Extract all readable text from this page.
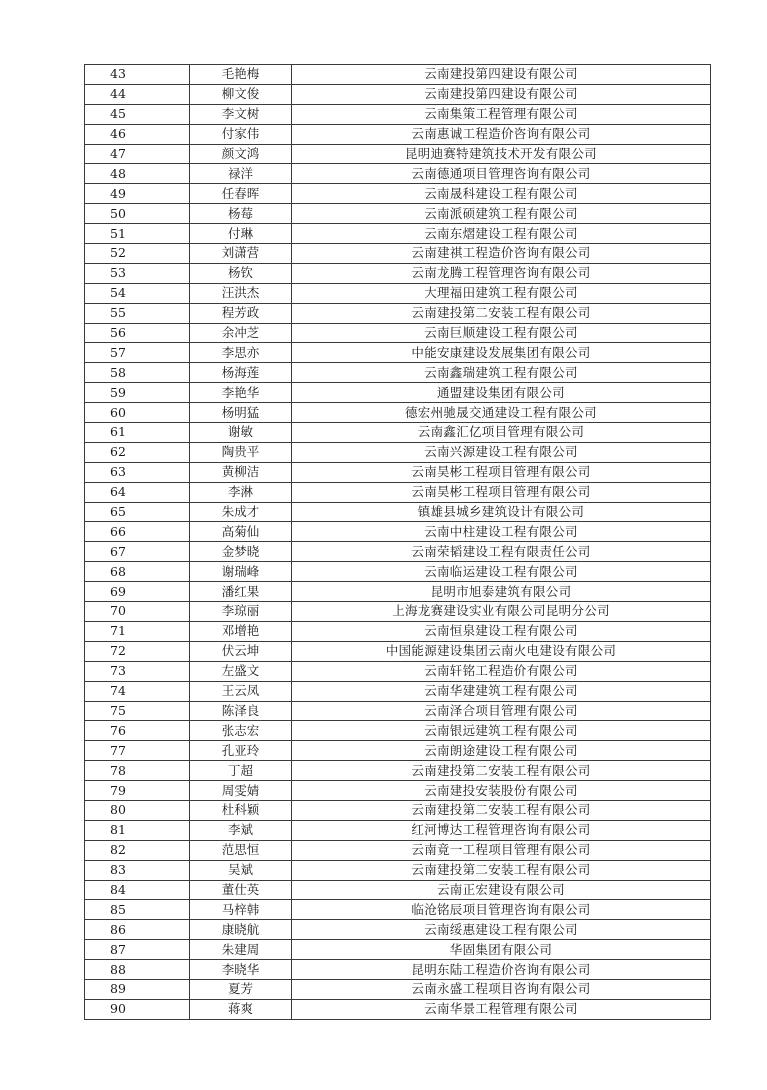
43	毛艳梅	云南建投第四建设有限公司
44	柳文俊	云南建投第四建设有限公司
45	李文树	云南集策工程管理有限公司
46	付家伟	云南惠诚工程造价咨询有限公司
47	颜文鸿	昆明迪赛特建筑技术开发有限公司
48	禄洋	云南德通项目管理咨询有限公司
49	任春晖	云南晟科建设工程有限公司
50	杨莓	云南派硕建筑工程有限公司
51	付琳	云南东熠建设工程有限公司
52	刘潇营	云南建祺工程造价咨询有限公司
53	杨钦	云南龙腾工程管理咨询有限公司
54	汪洪杰	大理福田建筑工程有限公司
55	程芳政	云南建投第二安装工程有限公司
56	余冲芝	云南巨顺建设工程有限公司
57	李思亦	中能安康建设发展集团有限公司
58	杨海莲	云南鑫瑞建筑工程有限公司
59	李艳华	通盟建设集团有限公司
60	杨明猛	德宏州驰晟交通建设工程有限公司
61	谢敏	云南鑫汇亿项目管理有限公司
62	陶贵平	云南兴源建设工程有限公司
63	黄柳洁	云南昊彬工程项目管理有限公司
64	李淋	云南昊彬工程项目管理有限公司
65	朱成才	镇雄县城乡建筑设计有限公司
66	高菊仙	云南中柱建设工程有限公司
67	金梦晓	云南荣韬建设工程有限责任公司
68	谢瑞峰	云南临运建设工程有限公司
69	潘红果	昆明市旭泰建筑有限公司
70	李琼丽	上海龙赛建设实业有限公司昆明分公司
71	邓增艳	云南恒泉建设工程有限公司
72	伏云坤	中国能源建设集团云南火电建设有限公司
73	左盛文	云南轩铭工程造价有限公司
74	王云凤	云南华建建筑工程有限公司
75	陈泽良	云南泽合项目管理有限公司
76	张志宏	云南银远建筑工程有限公司
77	孔亚玲	云南朗途建设工程有限公司
78	丁超	云南建投第二安装工程有限公司
79	周雯婧	云南建投安装股份有限公司
80	杜科颖	云南建投第二安装工程有限公司
81	李斌	红河博达工程管理咨询有限公司
82	范思恒	云南竟一工程项目管理有限公司
83	吴斌	云南建投第二安装工程有限公司
84	董仕英	云南正宏建设有限公司
85	马梓韩	临沧铭辰项目管理咨询有限公司
86	康晓航	云南绥惠建设工程有限公司
87	朱建周	华固集团有限公司
88	李晓华	昆明东陆工程造价咨询有限公司
89	夏芳	云南永盛工程项目咨询有限公司
90	蒋爽	云南华景工程管理有限公司
